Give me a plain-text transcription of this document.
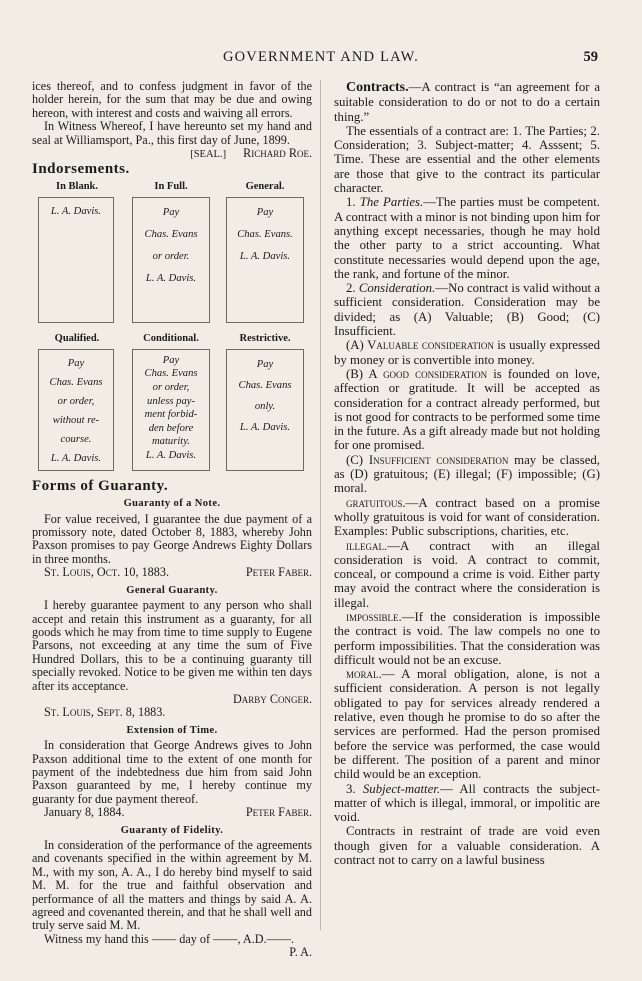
GOVERNMENT AND LAW.	59

ices thereof, and to confess judgment in favor of the holder herein, for the sum that may be due and owing hereon, with interest and costs and waiving all errors.

In Witness Whereof, I have hereunto set my hand and seal at Williamsport, Pa., this first day of June, 1899.

[SEAL.] Richard Roe.

Indorsements.
In Blank.	In Full.	General.
L. A. Davis.	Pay
Chas. Evans
or order.
L. A. Davis.
Pay
Chas. Evans.
L. A. Davis.
Qualified.	Conditional.	Restrictive.
Pay
Chas. Evans
or order,
without re-
course.
L. A. Davis.
Pay
Chas. Evans
or order,
unless pay-
ment forbid-
den before
maturity.
L. A. Davis.
Pay
Chas. Evans
only.
L. A. Davis.
Forms of Guaranty.
Guaranty of a Note.

For value received, I guarantee the due payment of a promissory note, dated October 8, 1883, whereby John Paxson promises to pay George Andrews Eighty Dollars in three months.

St. Louis, Oct. 10, 1883.	Peter Faber.

General Guaranty.

I hereby guarantee payment to any person who shall accept and retain this instrument as a guaranty, for all goods which he may from time to time supply to Eugene Parsons, not exceeding at any time the sum of Five Hundred Dollars, this to be a continuing guaranty till specially revoked. Notice to be given me within ten days after its acceptance.

Darby Conger.

St. Louis, Sept. 8, 1883.

Extension of Time.

In consideration that George Andrews gives to John Paxson additional time to the extent of one month for payment of the indebtedness due him from said John Paxson guaranteed by me, I hereby continue my guaranty for due payment thereof.

January 8, 1884.	Peter Faber.

Guaranty of Fidelity.

In consideration of the performance of the agreements and covenants specified in the within agreement by M. M., with my son, A. A., I do hereby bind myself to said M. M. for the true and faithful observation and performance of all the matters and things by said A. A. agreed and covenanted therein, and that he shall well and truly serve said M. M.

Witness my hand this —— day of ——, A.D.——.

P. A.

Contracts.—A contract is “an agreement for a suitable consideration to do or not to do a certain thing.”

The essentials of a contract are: 1. The Parties; 2. Consideration; 3. Subject-matter; 4. Asssent; 5. Time. These are essential and the other elements are those that give to the contract its particular character.

1. The Parties.—The parties must be competent. A contract with a minor is not binding upon him for anything except necessaries, though he may hold the other party to a strict accounting. What constitute necessaries would depend upon the age, the rank, and fortune of the minor.

2. Consideration.—No contract is valid without a sufficient consideration. Consideration may be divided; as (A) Valuable; (B) Good; (C) Insufficient.

(A) Valuable consideration is usually expressed by money or is convertible into money.

(B) A good consideration is founded on love, affection or gratitude. It will be accepted as consideration for a contract already performed, but is not good for contracts to be performed some time in the future. As a gift already made but not holding for one promised.

(C) Insufficient consideration may be classed, as (D) gratuitous; (E) illegal; (F) impossible; (G) moral.

gratuitous.—A contract based on a promise wholly gratuitous is void for want of consideration. Examples: Public subscriptions, charities, etc.

illegal.—A contract with an illegal consideration is void. A contract to commit, conceal, or compound a crime is void. Either party may avoid the contract where the consideration is illegal.

impossible.—If the consideration is impossible the contract is void. The law compels no one to perform impossibilities. That the consideration was difficult would not be an excuse.

moral.— A moral obligation, alone, is not a sufficient consideration. A person is not legally obligated to pay for services already rendered a relative, even though he promise to do so after the services are performed. Had the person promised before the service was performed, the case would be different. The position of a parent and minor child would be an exception.

3. Subject-matter.— All contracts the subject-matter of which is illegal, immoral, or impolitic are void.

Contracts in restraint of trade are void even though given for a valuable consideration. A contract not to carry on a lawful business
